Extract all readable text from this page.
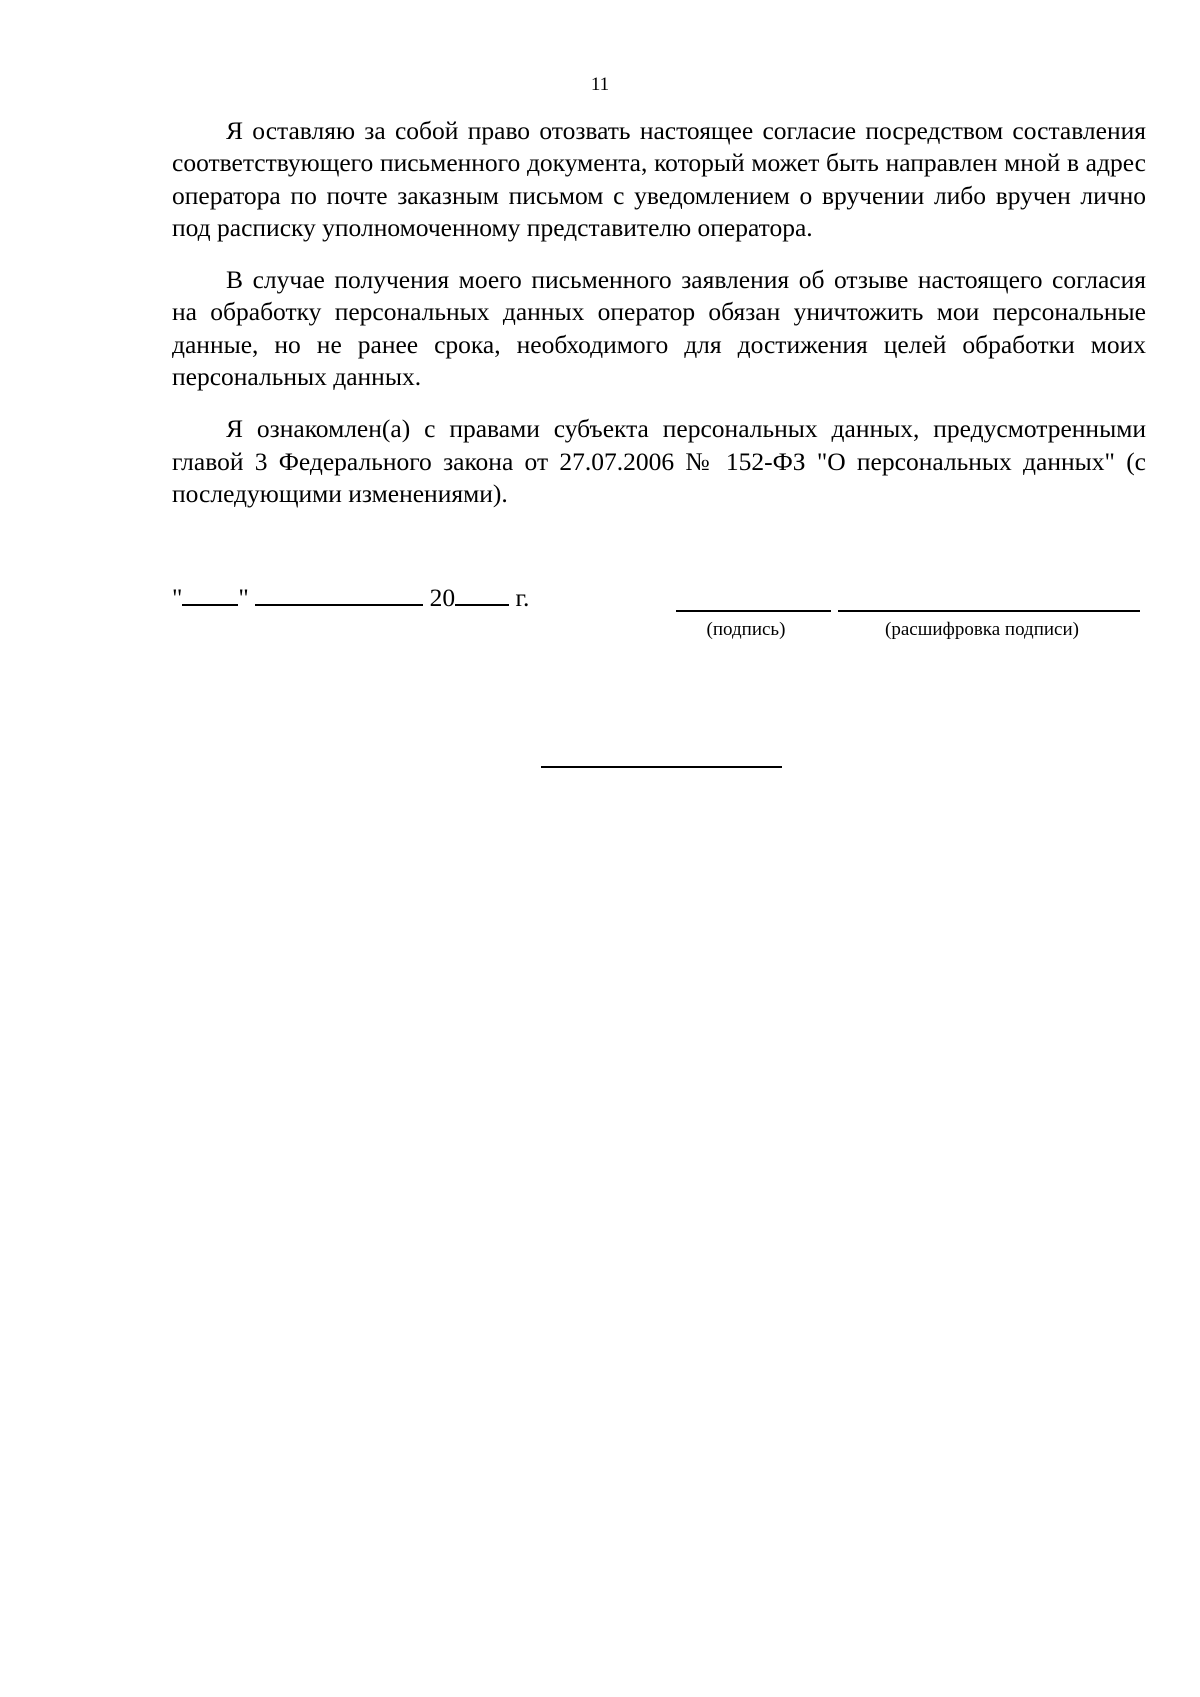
11

Я оставляю за собой право отозвать настоящее согласие посредством составления соответствующего письменного документа, который может быть направлен мной в адрес оператора по почте заказным письмом с уведомлением о вручении либо вручен лично под расписку уполномоченному представителю оператора.

В случае получения моего письменного заявления об отзыве настоящего согласия на обработку персональных данных оператор обязан уничтожить мои персональные данные, но не ранее срока, необходимого для достижения целей обработки моих персональных данных.

Я ознакомлен(а) с правами субъекта персональных данных, предусмотренными главой 3 Федерального закона от 27.07.2006 № 152-ФЗ "О персональных данных" (с последующими изменениями).

" "	20 г.
(подпись)	(расшифровка подписи)
